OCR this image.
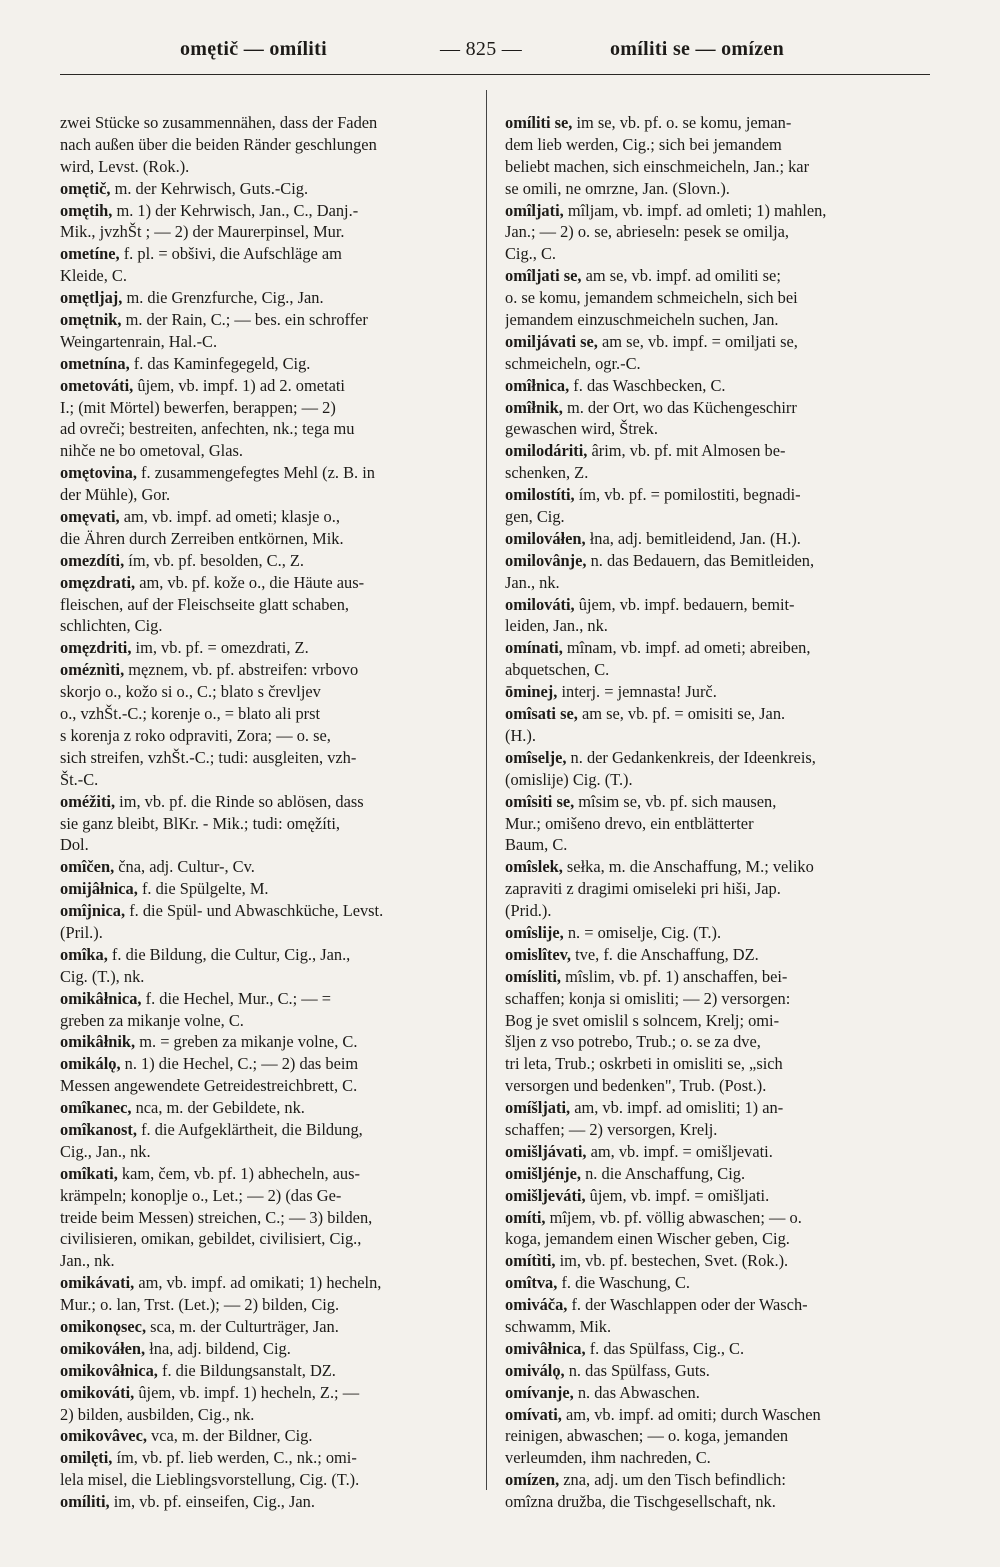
omętič — omíliti	— 825 —	omíliti se — omízen
zwei Stücke so zusammennähen, dass der Faden
nach außen über die beiden Ränder geschlungen
wird, Levst. (Rok.).
omętič, m. der Kehrwisch, Guts.-Cig.
omętih, m. 1) der Kehrwisch, Jan., C., Danj.-
Mik., jvzhŠt ; — 2) der Maurerpinsel, Mur.
ometíne, f. pl. = obšivi, die Aufschläge am
Kleide, C.
omętljaj, m. die Grenzfurche, Cig., Jan.
omętnik, m. der Rain, C.; — bes. ein schroffer
Weingartenrain, Hal.-C.
ometnína, f. das Kaminfegegeld, Cig.
ometováti, ûjem, vb. impf. 1) ad 2. ometati
I.; (mit Mörtel) bewerfen, berappen; — 2)
ad ovreči; bestreiten, anfechten, nk.; tega mu
nihče ne bo ometoval, Glas.
omętovina, f. zusammengefegtes Mehl (z. B. in
der Mühle), Gor.
omęvati, am, vb. impf. ad ometi; klasje o.,
die Ähren durch Zerreiben entkörnen, Mik.
omezdíti, ím, vb. pf. besolden, C., Z.
omęzdrati, am, vb. pf. kože o., die Häute aus-
fleischen, auf der Fleischseite glatt schaben,
schlichten, Cig.
omęzdriti, im, vb. pf. = omezdrati, Z.
oméznìti, męznem, vb. pf. abstreifen: vrbovo
skorjo o., kožo si o., C.; blato s črevljev
o., vzhŠt.-C.; korenje o., = blato ali prst
s korenja z roko odpraviti, Zora; — o. se,
sich streifen, vzhŠt.-C.; tudi: ausgleiten, vzh-
Št.-C.
oméžiti, im, vb. pf. die Rinde so ablösen, dass
sie ganz bleibt, BlKr. - Mik.; tudi: omęžíti,
Dol.
omîčen, čna, adj. Cultur-, Cv.
omijâłnica, f. die Spülgelte, M.
omîjnica, f. die Spül- und Abwaschküche, Levst.
(Pril.).
omîka, f. die Bildung, die Cultur, Cig., Jan.,
Cig. (T.), nk.
omikâłnica, f. die Hechel, Mur., C.; — =
greben za mikanje volne, C.
omikâłnik, m. = greben za mikanje volne, C.
omikálǫ, n. 1) die Hechel, C.; — 2) das beim
Messen angewendete Getreidestreichbrett, C.
omîkanec, nca, m. der Gebildete, nk.
omîkanost, f. die Aufgeklärtheit, die Bildung,
Cig., Jan., nk.
omîkati, kam, čem, vb. pf. 1) abhecheln, aus-
krämpeln; konoplje o., Let.; — 2) (das Ge-
treide beim Messen) streichen, C.; — 3) bilden,
civilisieren, omikan, gebildet, civilisiert, Cig.,
Jan., nk.
omikávati, am, vb. impf. ad omikati; 1) hecheln,
Mur.; o. lan, Trst. (Let.); — 2) bilden, Cig.
omikonǫsec, sca, m. der Culturträger, Jan.
omikováłen, łna, adj. bildend, Cig.
omikovâłnica, f. die Bildungsanstalt, DZ.
omikováti, ûjem, vb. impf. 1) hecheln, Z.; —
2) bilden, ausbilden, Cig., nk.
omikovâvec, vca, m. der Bildner, Cig.
omilęti, ím, vb. pf. lieb werden, C., nk.; omi-
lela misel, die Lieblingsvorstellung, Cig. (T.).
omíliti, im, vb. pf. einseifen, Cig., Jan.
omíliti se, im se, vb. pf. o. se komu, jeman-
dem lieb werden, Cig.; sich bei jemandem
beliebt machen, sich einschmeicheln, Jan.; kar
se omili, ne omrzne, Jan. (Slovn.).
omîljati, mîljam, vb. impf. ad omleti; 1) mahlen,
Jan.; — 2) o. se, abrieseln: pesek se omilja,
Cig., C.
omîljati se, am se, vb. impf. ad omiliti se;
o. se komu, jemandem schmeicheln, sich bei
jemandem einzuschmeicheln suchen, Jan.
omiljávati se, am se, vb. impf. = omiljati se,
schmeicheln, ogr.-C.
omîłnica, f. das Waschbecken, C.
omîłnik, m. der Ort, wo das Küchengeschirr
gewaschen wird, Štrek.
omilodáriti, ârim, vb. pf. mit Almosen be-
schenken, Z.
omilostíti, ím, vb. pf. = pomilostiti, begnadi-
gen, Cig.
omilováłen, łna, adj. bemitleidend, Jan. (H.).
omilovânje, n. das Bedauern, das Bemitleiden,
Jan., nk.
omilováti, ûjem, vb. impf. bedauern, bemit-
leiden, Jan., nk.
omínati, mînam, vb. impf. ad ometi; abreiben,
abquetschen, C.
ōminej, interj. = jemnasta! Jurč.
omîsati se, am se, vb. pf. = omisiti se, Jan.
(H.).
omîselje, n. der Gedankenkreis, der Ideenkreis,
(omislije) Cig. (T.).
omîsiti se, mîsim se, vb. pf. sich mausen,
Mur.; omišeno drevo, ein entblätterter
Baum, C.
omîslek, sełka, m. die Anschaffung, M.; veliko
zapraviti z dragimi omiseleki pri hiši, Jap.
(Prid.).
omîslije, n. = omiselje, Cig. (T.).
omislîtev, tve, f. die Anschaffung, DZ.
omísliti, mîslim, vb. pf. 1) anschaffen, bei-
schaffen; konja si omisliti; — 2) versorgen:
Bog je svet omislil s solncem, Krelj; omi-
šljen z vso potrebo, Trub.; o. se za dve,
tri leta, Trub.; oskrbeti in omisliti se, „sich
versorgen und bedenken", Trub. (Post.).
omíšljati, am, vb. impf. ad omisliti; 1) an-
schaffen; — 2) versorgen, Krelj.
omišljávati, am, vb. impf. = omišljevati.
omišljénje, n. die Anschaffung, Cig.
omišljeváti, ûjem, vb. impf. = omišljati.
omíti, mîjem, vb. pf. völlig abwaschen; — o.
koga, jemandem einen Wischer geben, Cig.
omítìti, im, vb. pf. bestechen, Svet. (Rok.).
omîtva, f. die Waschung, C.
omiváča, f. der Waschlappen oder der Wasch-
schwamm, Mik.
omivâłnica, f. das Spülfass, Cig., C.
omiválǫ, n. das Spülfass, Guts.
omívanje, n. das Abwaschen.
omívati, am, vb. impf. ad omiti; durch Waschen
reinigen, abwaschen; — o. koga, jemanden
verleumden, ihm nachreden, C.
omízen, zna, adj. um den Tisch befindlich:
omîzna družba, die Tischgesellschaft, nk.
